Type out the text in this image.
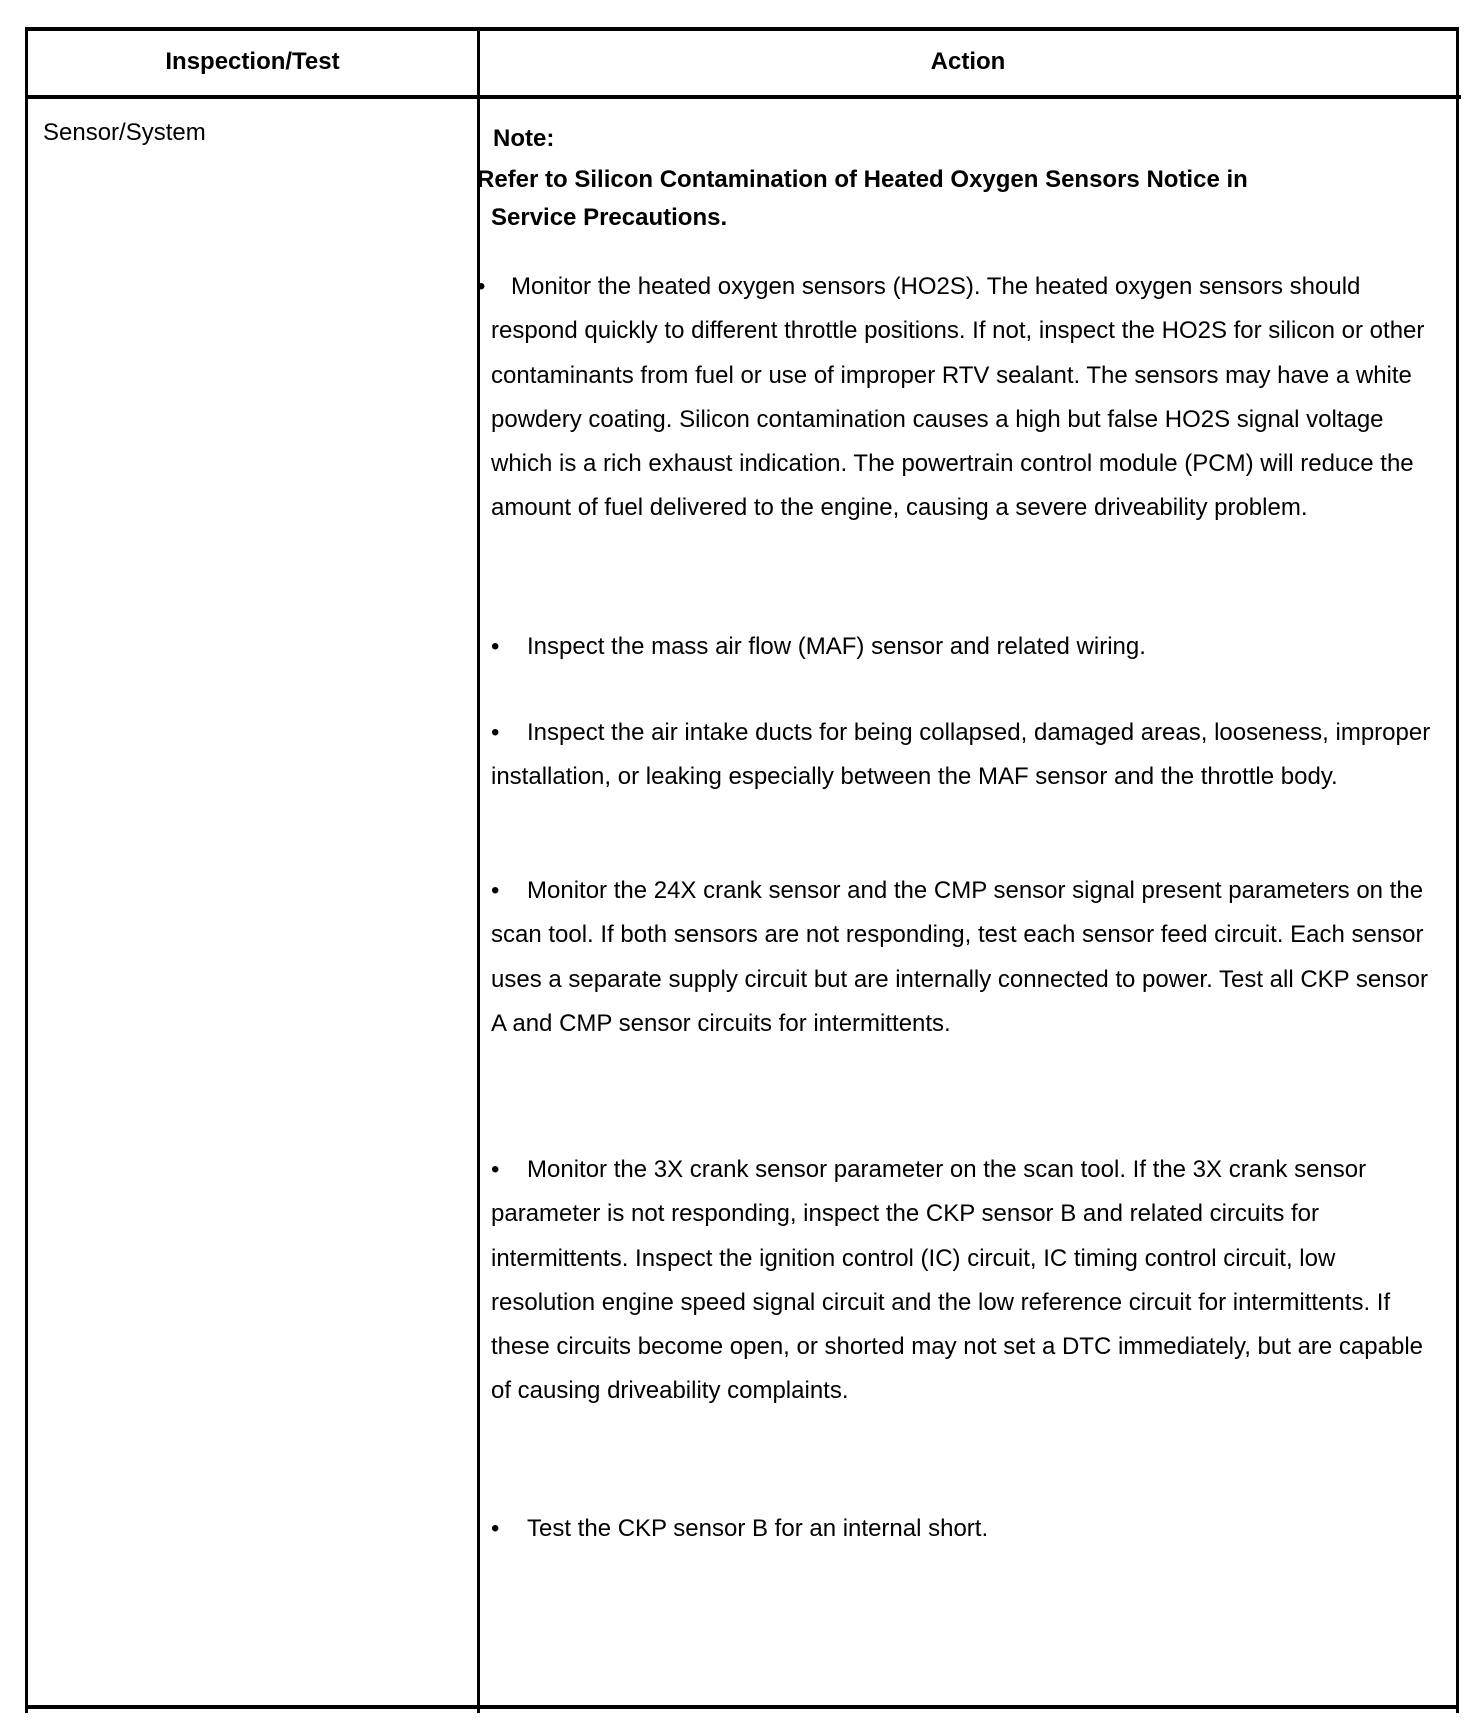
Inspection/Test	Action
Sensor/System	Note:
Refer to Silicon Contamination of Heated Oxygen Sensors Notice in
Service Precautions.

• Monitor the heated oxygen sensors (HO2S). The heated oxygen sensors should respond quickly to different throttle positions. If not, inspect the HO2S for silicon or other contaminants from fuel or use of improper RTV sealant. The sensors may have a white powdery coating. Silicon contamination causes a high but false HO2S signal voltage which is a rich exhaust indication. The powertrain control module (PCM) will reduce the amount of fuel delivered to the engine, causing a severe driveability problem.

• Inspect the mass air flow (MAF) sensor and related wiring.

• Inspect the air intake ducts for being collapsed, damaged areas, looseness, improper installation, or leaking especially between the MAF sensor and the throttle body.

• Monitor the 24X crank sensor and the CMP sensor signal present parameters on the scan tool. If both sensors are not responding, test each sensor feed circuit. Each sensor uses a separate supply circuit but are internally connected to power. Test all CKP sensor A and CMP sensor circuits for intermittents.

• Monitor the 3X crank sensor parameter on the scan tool. If the 3X crank sensor parameter is not responding, inspect the CKP sensor B and related circuits for intermittents. Inspect the ignition control (IC) circuit, IC timing control circuit, low resolution engine speed signal circuit and the low reference circuit for intermittents. If these circuits become open, or shorted may not set a DTC immediately, but are capable of causing driveability complaints.

• Test the CKP sensor B for an internal short.
